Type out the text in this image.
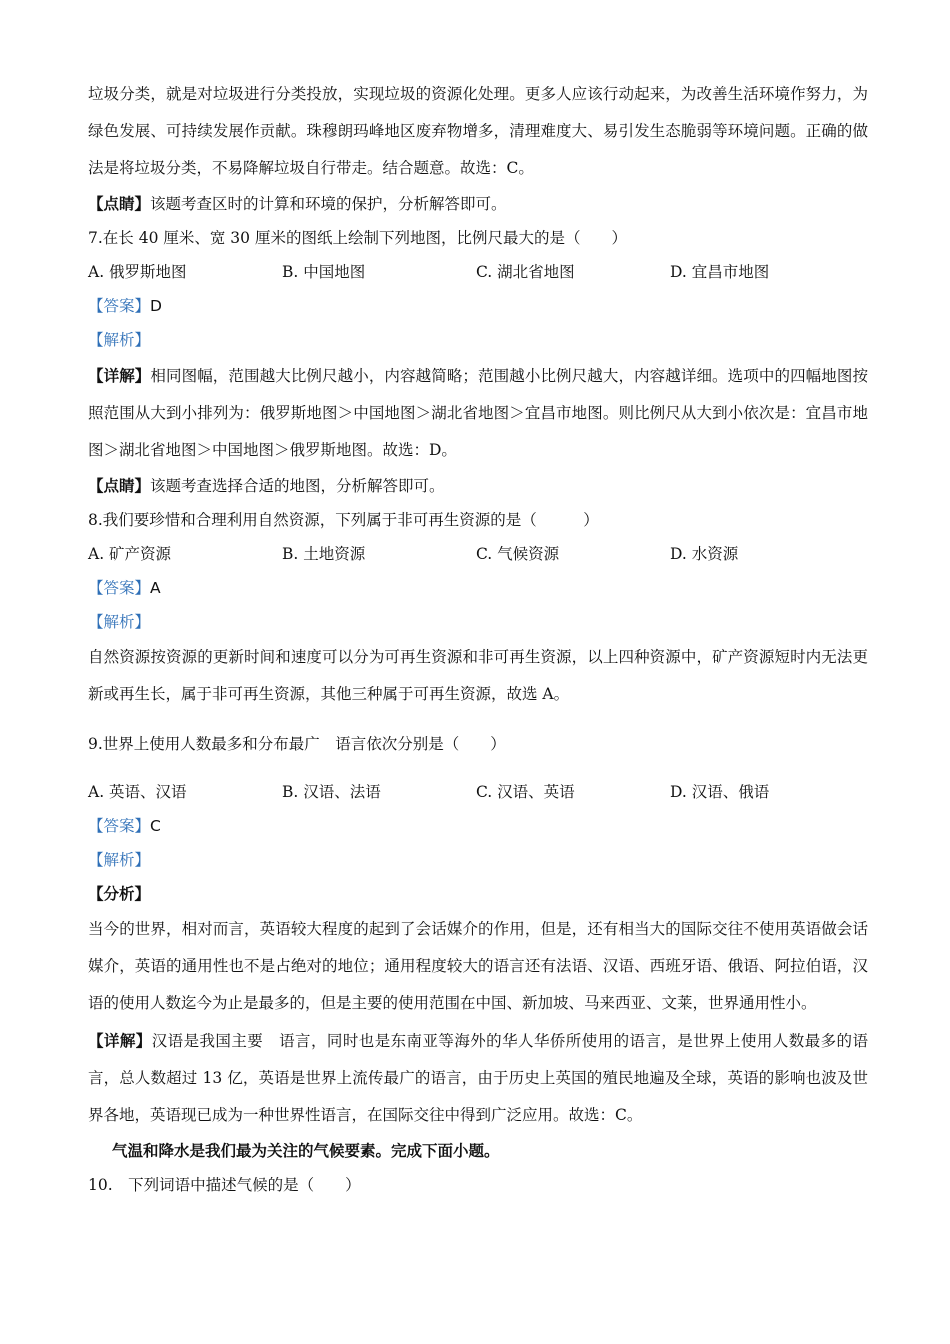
垃圾分类，就是对垃圾进行分类投放，实现垃圾的资源化处理。更多人应该行动起来，为改善生活环境作努力，为绿色发展、可持续发展作贡献。珠穆朗玛峰地区废弃物增多，清理难度大、易引发生态脆弱等环境问题。正确的做法是将垃圾分类，不易降解垃圾自行带走。结合题意。故选：C。

【点睛】该题考查区时的计算和环境的保护，分析解答即可。

7.在长 40 厘米、宽 30 厘米的图纸上绘制下列地图，比例尺最大的是（　　）

A. 俄罗斯地图	B. 中国地图	C. 湖北省地图	D. 宜昌市地图

【答案】D

【解析】

【详解】相同图幅，范围越大比例尺越小，内容越简略；范围越小比例尺越大，内容越详细。选项中的四幅地图按照范围从大到小排列为：俄罗斯地图＞中国地图＞湖北省地图＞宜昌市地图。则比例尺从大到小依次是：宜昌市地图＞湖北省地图＞中国地图＞俄罗斯地图。故选：D。

【点睛】该题考查选择合适的地图，分析解答即可。

8.我们要珍惜和合理利用自然资源，下列属于非可再生资源的是（　　　）

A. 矿产资源	B. 土地资源	C. 气候资源	D. 水资源

【答案】A

【解析】

自然资源按资源的更新时间和速度可以分为可再生资源和非可再生资源，以上四种资源中，矿产资源短时内无法更新或再生长，属于非可再生资源，其他三种属于可再生资源，故选 A。

9.世界上使用人数最多和分布最广　语言依次分别是（　　）

A. 英语、汉语	B. 汉语、法语	C. 汉语、英语	D. 汉语、俄语

【答案】C

【解析】

【分析】

当今的世界，相对而言，英语较大程度的起到了会话媒介的作用，但是，还有相当大的国际交往不使用英语做会话媒介，英语的通用性也不是占绝对的地位；通用程度较大的语言还有法语、汉语、西班牙语、俄语、阿拉伯语，汉语的使用人数迄今为止是最多的，但是主要的使用范围在中国、新加坡、马来西亚、文莱，世界通用性小。

【详解】汉语是我国主要　语言，同时也是东南亚等海外的华人华侨所使用的语言，是世界上使用人数最多的语言，总人数超过 13 亿，英语是世界上流传最广的语言，由于历史上英国的殖民地遍及全球，英语的影响也波及世界各地，英语现已成为一种世界性语言，在国际交往中得到广泛应用。故选：C。

气温和降水是我们最为关注的气候要素。完成下面小题。

10.　下列词语中描述气候的是（　　）
